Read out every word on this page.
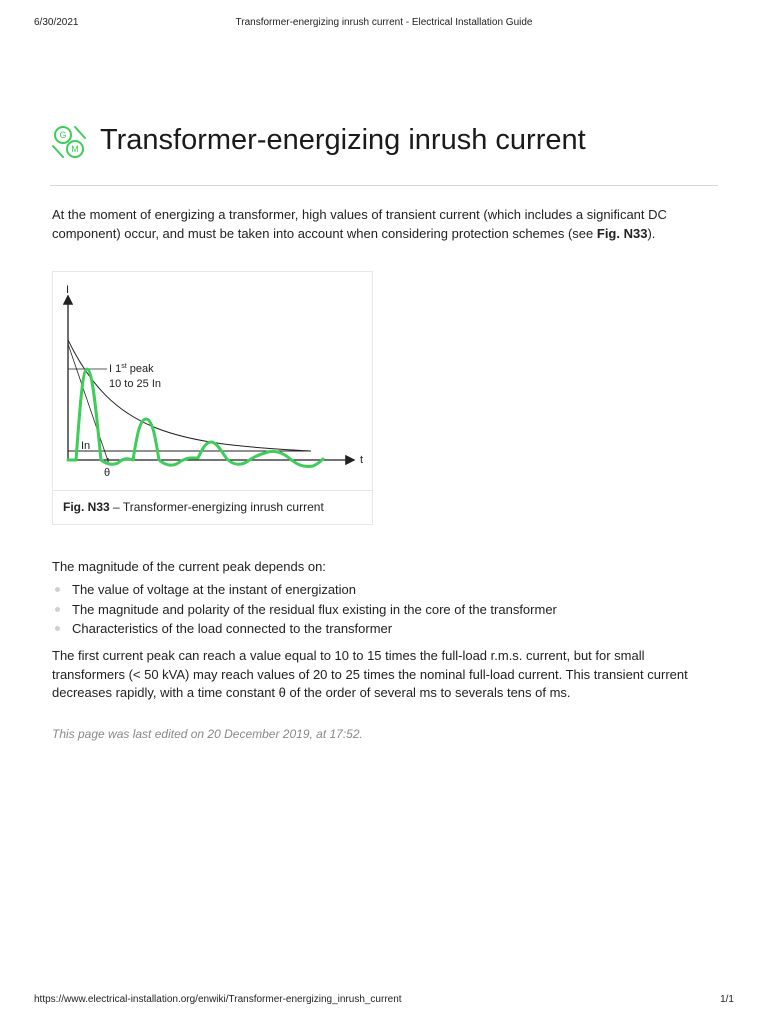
6/30/2021	Transformer-energizing inrush current - Electrical Installation Guide
G
M Transformer-energizing inrush current

At the moment of energizing a transformer, high values of transient current (which includes a significant DC component) occur, and must be taken into account when considering protection schemes (see Fig. N33).

I
t
I 1st peak
10 to 25 In
In
θ
Fig. N33 – Transformer-energizing inrush current

The magnitude of the current peak depends on:

The value of voltage at the instant of energization
The magnitude and polarity of the residual flux existing in the core of the transformer
Characteristics of the load connected to the transformer

The first current peak can reach a value equal to 10 to 15 times the full-load r.m.s. current, but for small transformers (< 50 kVA) may reach values of 20 to 25 times the nominal full-load current. This transient current decreases rapidly, with a time constant θ of the order of several ms to severals tens of ms.

This page was last edited on 20 December 2019, at 17:52.

https://www.electrical-installation.org/enwiki/Transformer-energizing_inrush_current	1/1
